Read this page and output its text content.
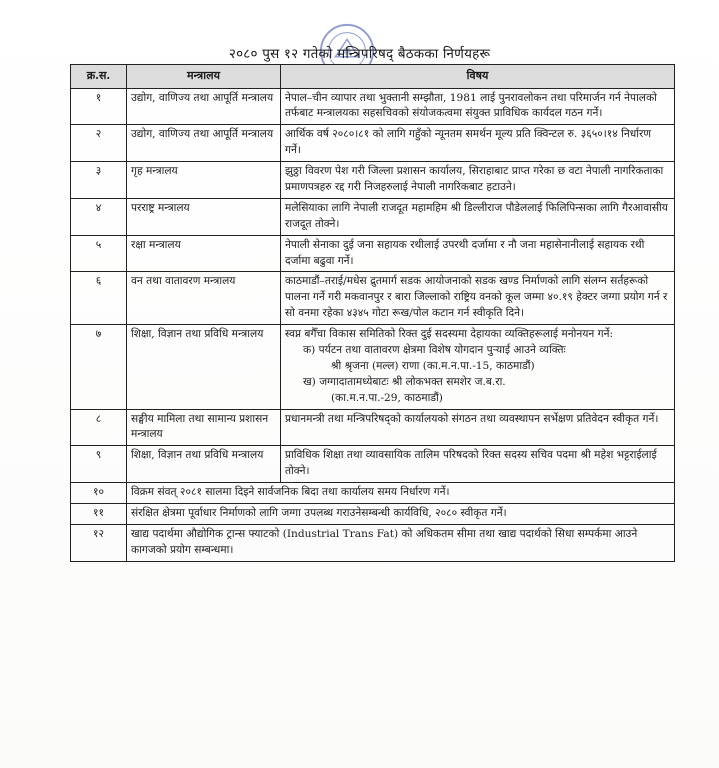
२०८० पुस १२ गतेको मन्त्रिपरिषद् बैठकका निर्णयहरू
क्र.स.	मन्त्रालय	विषय
१	उद्योग, वाणिज्य तथा आपूर्ति मन्त्रालय	नेपाल–चीन व्यापार तथा भुक्तानी सम्झौता, 1981 लाई पुनरावलोकन तथा परिमार्जन गर्न नेपालको तर्फबाट मन्त्रालयका सहसचिवको संयोजकत्वमा संयुक्त प्राविधिक कार्यदल गठन गर्ने।
२	उद्योग, वाणिज्य तथा आपूर्ति मन्त्रालय	आर्थिक वर्ष २०८०।८१ को लागि गहुँको न्यूनतम समर्थन मूल्य प्रति क्विन्टल रु. ३६५०।१४ निर्धारण गर्ने।
३	गृह मन्त्रालय	झुठ्ठा विवरण पेश गरी जिल्ला प्रशासन कार्यालय, सिराहाबाट प्राप्त गरेका छ वटा नेपाली नागरिकताका प्रमाणपत्रहरु रद्द गरी निजहरुलाई नेपाली नागरिकबाट हटाउने।
४	परराष्ट्र मन्त्रालय	मलेसियाका लागि नेपाली राजदूत महामहिम श्री डिल्लीराज पौडेललाई फिलिपिन्सका लागि गैरआवासीय राजदूत तोक्ने।
५	रक्षा मन्त्रालय	नेपाली सेनाका दुई जना सहायक रथीलाई उपरथी दर्जामा र नौ जना महासेनानीलाई सहायक रथी दर्जामा बढुवा गर्ने।
६	वन तथा वातावरण मन्त्रालय	काठमाडौं–तराई/मधेस द्रुतमार्ग सडक आयोजनाको सडक खण्ड निर्माणको लागि संलग्न सर्तहरूको पालना गर्ने गरी मकवानपुर र बारा जिल्लाको राष्ट्रिय वनको कूल जम्मा ४०.१९ हेक्टर जग्गा प्रयोग गर्न र सो वनमा रहेका ४३४५ गोटा रूख/पोल कटान गर्न स्वीकृति दिने।
७	शिक्षा, विज्ञान तथा प्रविधि मन्त्रालय	स्वप्न बगैँचा विकास समितिको रिक्त दुई सदस्यमा देहायका व्यक्तिहरूलाई मनोनयन गर्ने:
क) पर्यटन तथा वातावरण क्षेत्रमा विशेष योगदान पुऱ्याई आउने व्यक्तिः
श्री श्रृजना (मल्ल) राणा (का.म.न.पा.-15, काठमाडौं)
ख) जग्गादातामध्येबाटः श्री लोकभक्त समशेर ज.ब.रा.
(का.म.न.पा.-29, काठमाडौं)

८	सङ्घीय मामिला तथा सामान्य प्रशासन मन्त्रालय	प्रधानमन्त्री तथा मन्त्रिपरिषद्को कार्यालयको संगठन तथा व्यवस्थापन सर्भेक्षण प्रतिवेदन स्वीकृत गर्ने।
९	शिक्षा, विज्ञान तथा प्रविधि मन्त्रालय	प्राविधिक शिक्षा तथा व्यावसायिक तालिम परिषदको रिक्त सदस्य सचिव पदमा श्री महेश भट्टराईलाई तोक्ने।
१०	विक्रम संवत् २०८१ सालमा दिइने सार्वजनिक बिदा तथा कार्यालय समय निर्धारण गर्ने।	
११	संरक्षित क्षेत्रमा पूर्वाधार निर्माणको लागि जग्गा उपलब्ध गराउनेसम्बन्धी कार्यविधि, २०८० स्वीकृत गर्ने।	
१२	खाद्य पदार्थमा औद्योगिक ट्रान्स फ्याटको (Industrial Trans Fat) को अधिकतम सीमा तथा खाद्य पदार्थको सिधा सम्पर्कमा आउने कागजको प्रयोग सम्बन्धमा।	
